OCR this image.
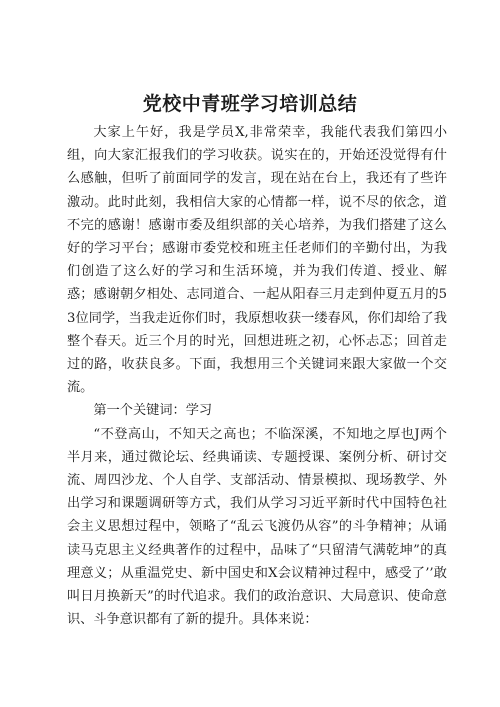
党校中青班学习培训总结

大家上午好，我是学员X,非常荣幸，我能代表我们第四小组，向大家汇报我们的学习收获。说实在的，开始还没觉得有什么感触，但听了前面同学的发言，现在站在台上，我还有了些许激动。此时此刻，我相信大家的心情都一样，说不尽的依念，道不完的感谢！感谢市委及组织部的关心培养，为我们搭建了这么好的学习平台；感谢市委党校和班主任老师们的辛勤付出，为我们创造了这么好的学习和生活环境，并为我们传道、授业、解惑；感谢朝夕相处、志同道合、一起从阳春三月走到仲夏五月的53位同学，当我走近你们时，我原想收获一缕春风，你们却给了我整个春天。近三个月的时光，回想进班之初，心怀忐忑；回首走过的路，收获良多。下面，我想用三个关键词来跟大家做一个交流。

第一个关键词：学习

“不登高山，不知天之高也；不临深溪，不知地之厚也J两个半月来，通过微论坛、经典诵读、专题授课、案例分析、研讨交流、周四沙龙、个人自学、支部活动、情景模拟、现场教学、外出学习和课题调研等方式，我们从学习习近平新时代中国特色社会主义思想过程中，领略了“乱云飞渡仍从容”的斗争精神；从诵读马克思主义经典著作的过程中，品味了“只留清气满乾坤”的真理意义；从重温党史、新中国史和X会议精神过程中，感受了’’敢叫日月换新天”的时代追求。我们的政治意识、大局意识、使命意识、斗争意识都有了新的提升。具体来说：
